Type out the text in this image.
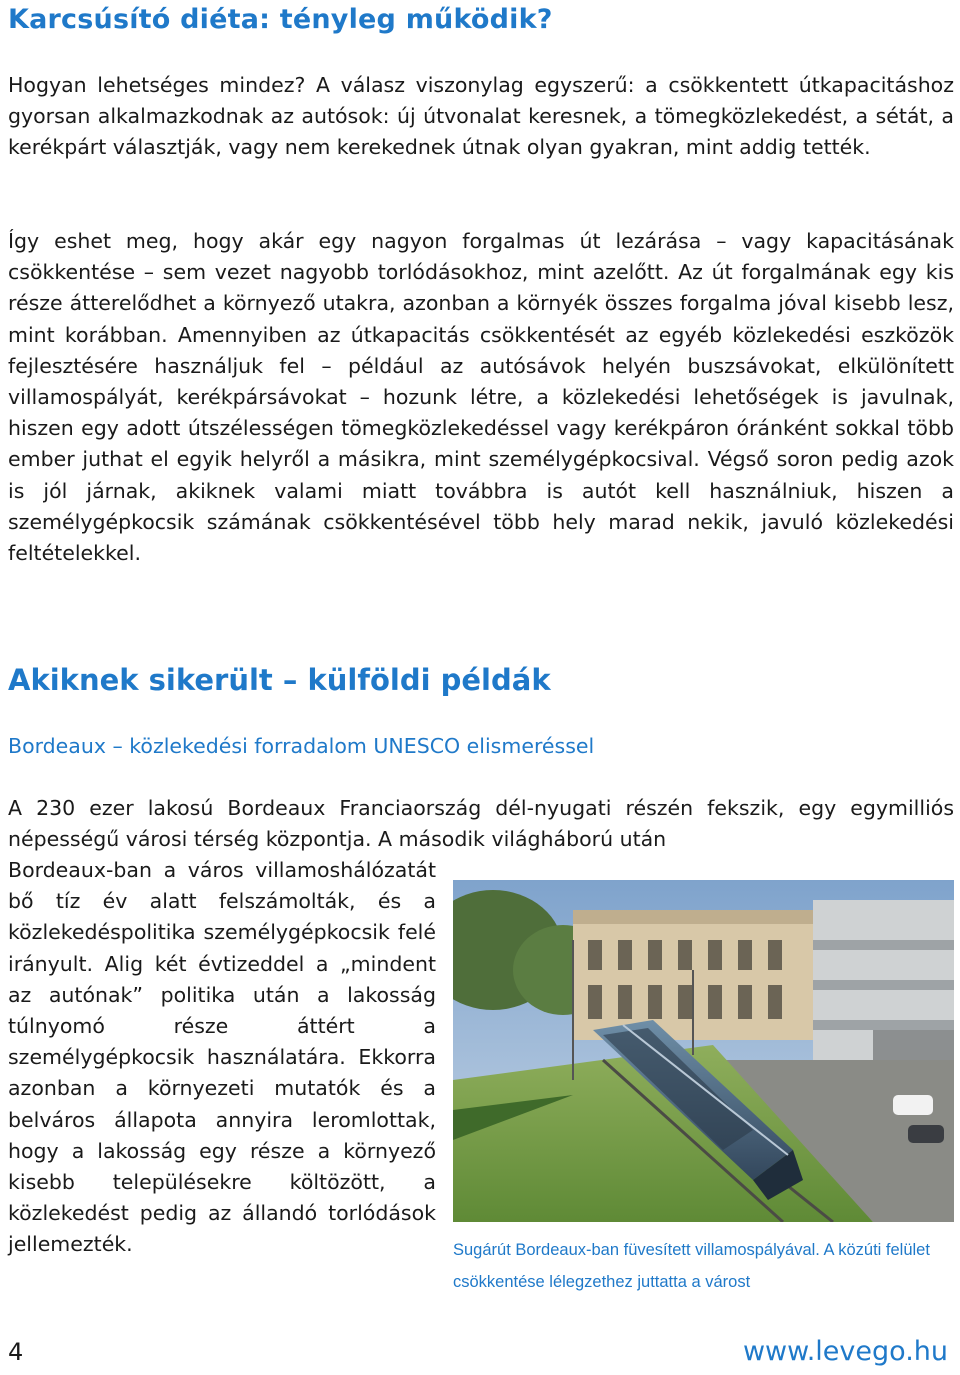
Karcsúsító diéta: tényleg működik?

Hogyan lehetséges mindez? A válasz viszonylag egyszerű: a csökkentett útkapacitáshoz gyorsan alkalmazkodnak az autósok: új útvonalat keresnek, a tömegközlekedést, a sétát, a kerékpárt választják, vagy nem kerekednek útnak olyan gyakran, mint addig tették.

Így eshet meg, hogy akár egy nagyon forgalmas út lezárása – vagy kapacitásának csökkentése – sem vezet nagyobb torlódásokhoz, mint azelőtt. Az út forgalmának egy kis része átterelődhet a környező utakra, azonban a környék összes forgalma jóval kisebb lesz, mint korábban. Amennyiben az útkapacitás csökkentését az egyéb közlekedési eszközök fejlesztésére használjuk fel – például az autósávok helyén buszsávokat, elkülönített villamospályát, kerékpársávokat – hozunk létre, a közlekedési lehetőségek is javulnak, hiszen egy adott útszélességen tömegközlekedéssel vagy kerékpáron óránként sokkal több ember juthat el egyik helyről a másikra, mint személygépkocsival. Végső soron pedig azok is jól járnak, akiknek valami miatt továbbra is autót kell használniuk, hiszen a személygépkocsik számának csökkentésével több hely marad nekik, javuló közlekedési feltételekkel.

Akiknek sikerült – külföldi példák
Bordeaux – közlekedési forradalom UNESCO elismeréssel

A 230 ezer lakosú Bordeaux Franciaország dél-nyugati részén fekszik, egy egymilliós népességű városi térség központja. A második világháború után

Bordeaux-ban a város villamoshálózatát bő tíz év alatt felszámolták, és a közlekedéspolitika személygépkocsik felé irányult. Alig két évtizeddel a „mindent az autónak” politika után a lakosság túlnyomó része áttért a személygépkocsik használatára. Ekkorra azonban a környezeti mutatók és a belváros állapota annyira leromlottak, hogy a lakosság egy része a környező kisebb településekre költözött, a közlekedést pedig az állandó torlódások jellemezték.	Sugárút Bordeaux-ban füvesített villamospályával. A közúti felület csökkentése lélegzethez juttatta a várost

4	www.levego.hu
